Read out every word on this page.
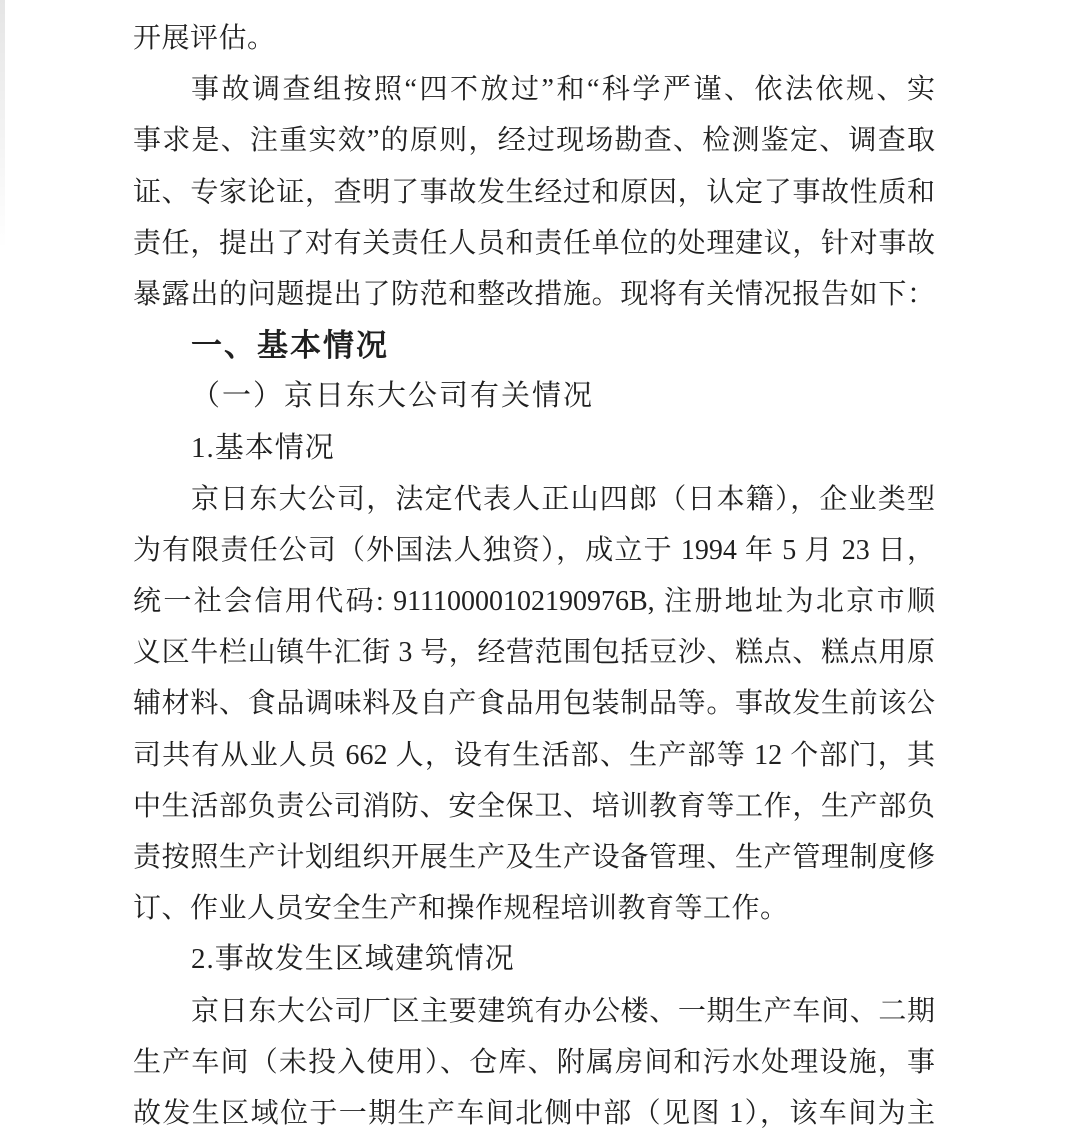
开展评估。
事故调查组按照“四不放过”和“科学严谨、依法依规、实
事求是、注重实效”的原则，经过现场勘查、检测鉴定、调查取
证、专家论证，查明了事故发生经过和原因，认定了事故性质和
责任，提出了对有关责任人员和责任单位的处理建议，针对事故
暴露出的问题提出了防范和整改措施。现将有关情况报告如下：
一、基本情况
（一）京日东大公司有关情况
1.基本情况
京日东大公司，法定代表人正山四郎（日本籍），企业类型
为有限责任公司（外国法人独资），成立于 1994 年 5 月 23 日，
统一社会信用代码: 91110000102190976B, 注册地址为北京市顺
义区牛栏山镇牛汇街 3 号，经营范围包括豆沙、糕点、糕点用原
辅材料、食品调味料及自产食品用包装制品等。事故发生前该公
司共有从业人员 662 人，设有生活部、生产部等 12 个部门，其
中生活部负责公司消防、安全保卫、培训教育等工作，生产部负
责按照生产计划组织开展生产及生产设备管理、生产管理制度修
订、作业人员安全生产和操作规程培训教育等工作。
2.事故发生区域建筑情况
京日东大公司厂区主要建筑有办公楼、一期生产车间、二期
生产车间（未投入使用）、仓库、附属房间和污水处理设施，事
故发生区域位于一期生产车间北侧中部（见图 1），该车间为主
